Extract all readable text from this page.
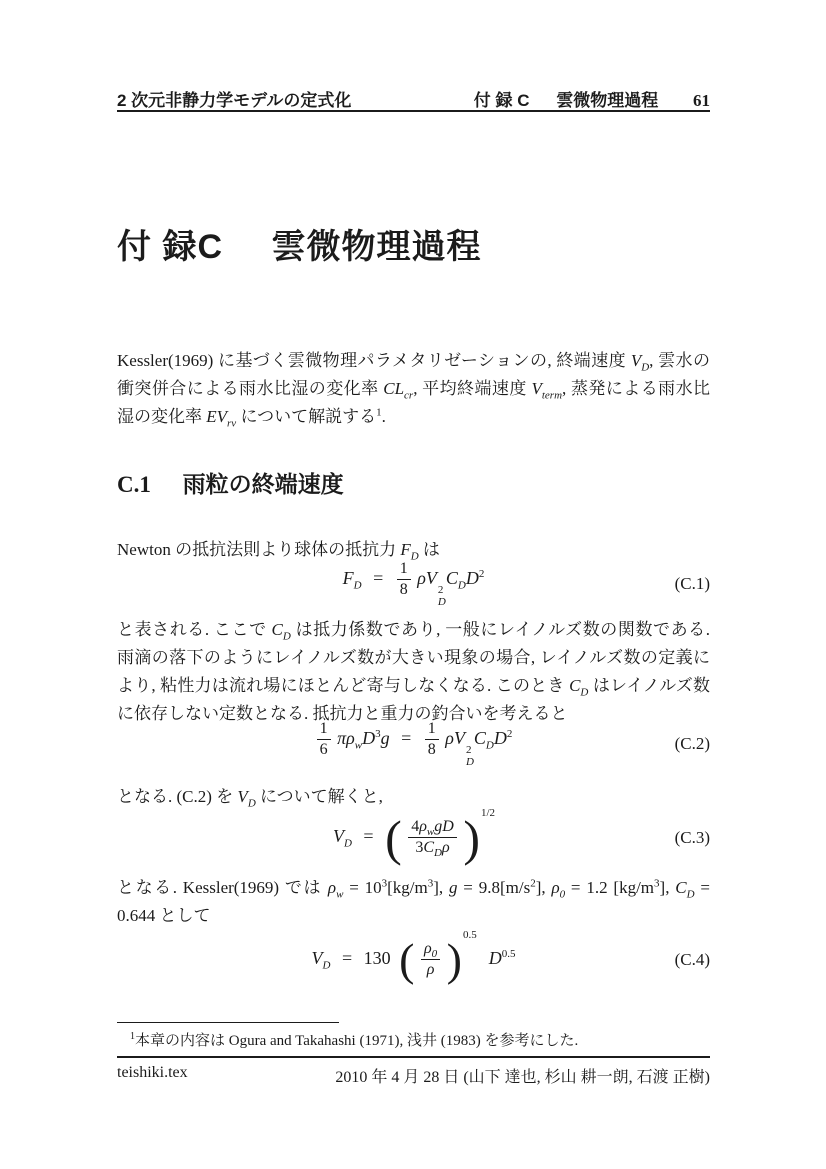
2 次元非静力学モデルの定式化	付 録 C 雲微物理過程 61
付 録C 雲微物理過程

Kessler(1969) に基づく雲微物理パラメタリゼーションの, 終端速度 $V_D$, 雲水の衝突併合による雨水比湿の変化率 $CL_{cr}$, 平均終端速度 $V_{term}$, 蒸発による雨水比湿の変化率 $EV_{rv}$ について解説する$^1$.

C.1 雨粒の終端速度

Newton の抵抗法則より球体の抵抗力 $F_D$ は

$F_D = \frac{1}{8}$ ρV
2
D
$C_DD^2$	(C.1)

と表される. ここで $C_D$ は抵力係数であり, 一般にレイノルズ数の関数である. 雨滴の落下のようにレイノルズ数が大きい現象の場合, レイノルズ数の定義により, 粘性力は流れ場にほとんど寄与しなくなる. このとき $C_D$ はレイノルズ数に依存しない定数となる. 抵抗力と重力の釣合いを考えると

$\frac{1}{6} \pi\rho_wD^3g = \frac{1}{8}$ ρV
2
D
$C_DD^2$	(C.2)

となる. (C.2) を $V_D$ について解くと,

$V_D$ = ( $\frac{4\rho_wgD}{3C_D\rho} )^{1/2}$
(C.3)

となる. Kessler(1969) では $\rho_w = 10^3[kg/m^3]$, $g = 9.8[m/s^2]$, $\rho_0 = 1.2$ $[kg/m^3]$, $C_D = 0.644$ として

$V_D = 130$ ( $\frac{\rho_0}{\rho} )^{0.5}$  $D^{0.5}$	(C.4)

$^1$本章の内容は Ogura and Takahashi (1971), 浅井 (1983) を参考にした.

teishiki.tex	2010 年 4 月 28 日 (山下 達也, 杉山 耕一朗, 石渡 正樹)
